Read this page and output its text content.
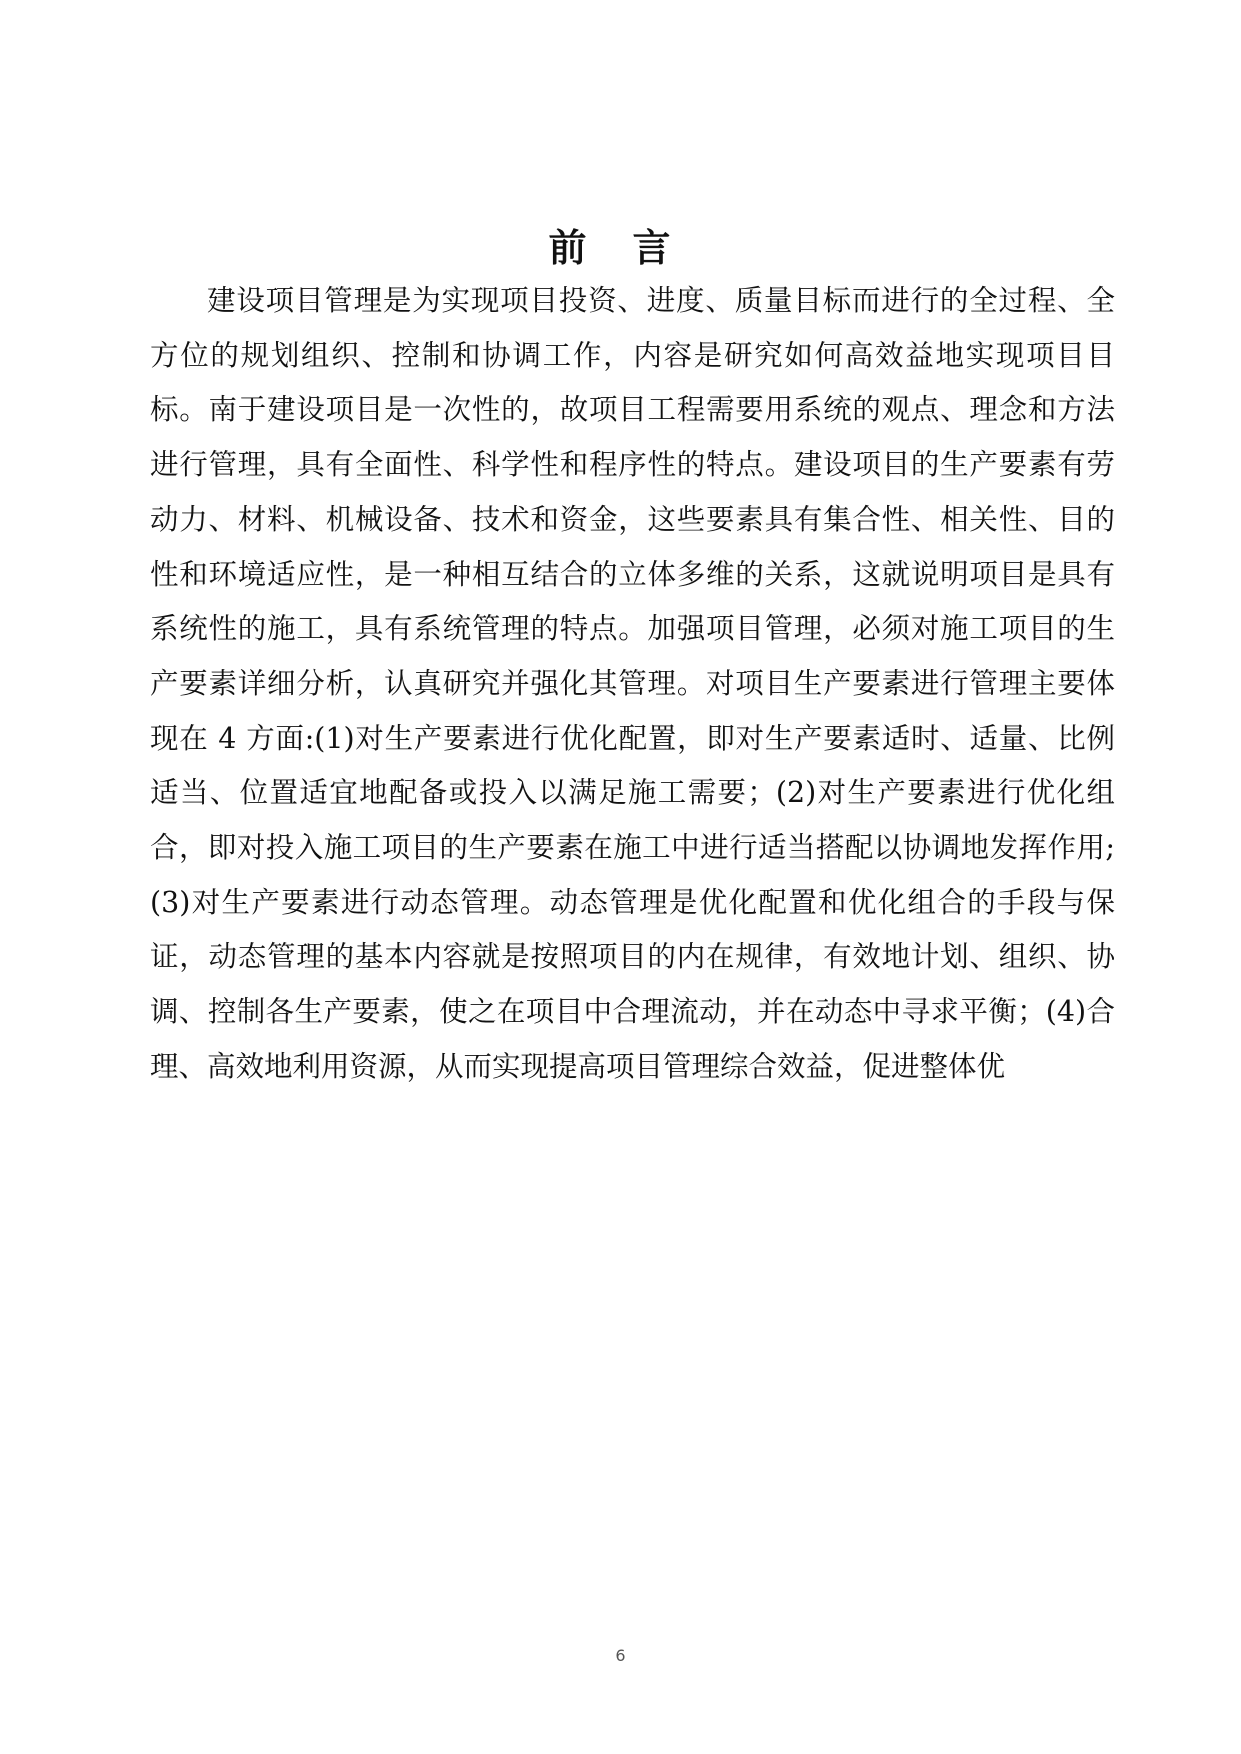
前言

建设项目管理是为实现项目投资、进度、质量目标而进行的全过程、全方位的规划组织、控制和协调工作，内容是研究如何高效益地实现项目目标。南于建设项目是一次性的，故项目工程需要用系统的观点、理念和方法进行管理，具有全面性、科学性和程序性的特点。建设项目的生产要素有劳动力、材料、机械设备、技术和资金，这些要素具有集合性、相关性、目的性和环境适应性，是一种相互结合的立体多维的关系，这就说明项目是具有系统性的施工，具有系统管理的特点。加强项目管理，必须对施工项目的生产要素详细分析，认真研究并强化其管理。对项目生产要素进行管理主要体现在 4 方面:(1)对生产要素进行优化配置，即对生产要素适时、适量、比例适当、位置适宜地配备或投入以满足施工需要；(2)对生产要素进行优化组合，即对投入施工项目的生产要素在施工中进行适当搭配以协调地发挥作用;(3)对生产要素进行动态管理。动态管理是优化配置和优化组合的手段与保证，动态管理的基本内容就是按照项目的内在规律，有效地计划、组织、协调、控制各生产要素，使之在项目中合理流动，并在动态中寻求平衡；(4)合理、高效地利用资源，从而实现提高项目管理综合效益，促进整体优

6
